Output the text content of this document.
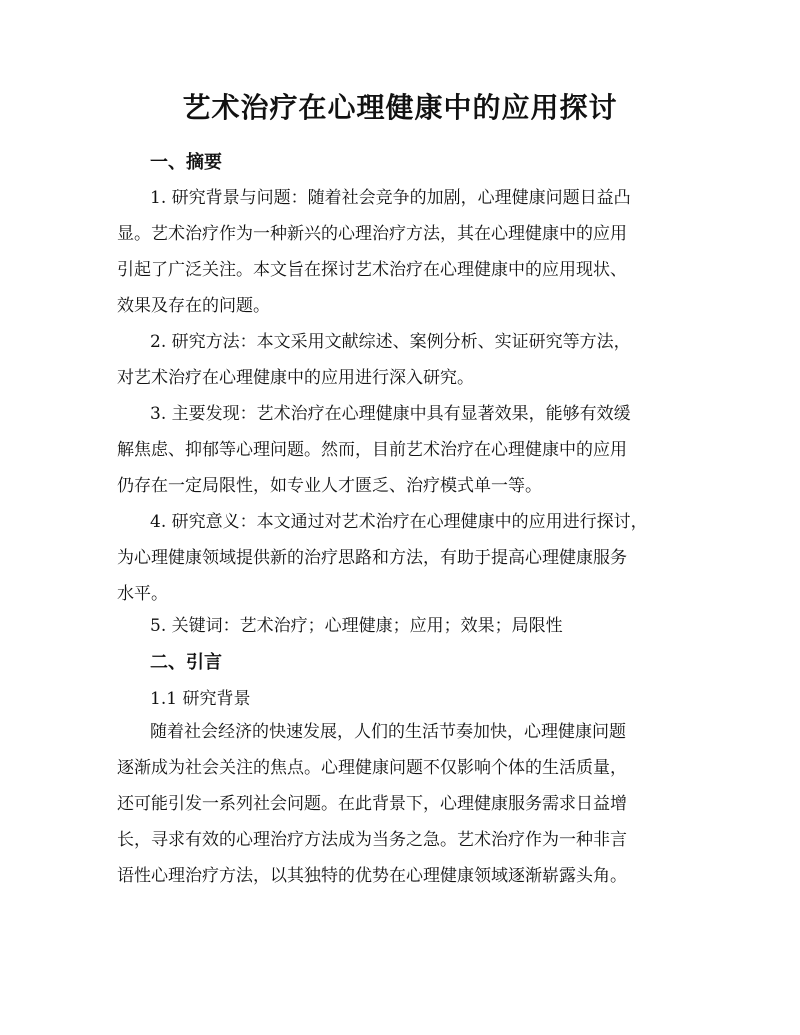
艺术治疗在心理健康中的应用探讨
一、摘要
1. 研究背景与问题：随着社会竞争的加剧，心理健康问题日益凸
显。艺术治疗作为一种新兴的心理治疗方法，其在心理健康中的应用
引起了广泛关注。本文旨在探讨艺术治疗在心理健康中的应用现状、
效果及存在的问题。
2. 研究方法：本文采用文献综述、案例分析、实证研究等方法，
对艺术治疗在心理健康中的应用进行深入研究。
3. 主要发现：艺术治疗在心理健康中具有显著效果，能够有效缓
解焦虑、抑郁等心理问题。然而，目前艺术治疗在心理健康中的应用
仍存在一定局限性，如专业人才匮乏、治疗模式单一等。
4. 研究意义：本文通过对艺术治疗在心理健康中的应用进行探讨，
为心理健康领域提供新的治疗思路和方法，有助于提高心理健康服务
水平。
5. 关键词：艺术治疗；心理健康；应用；效果；局限性
二、引言
1.1 研究背景
随着社会经济的快速发展，人们的生活节奏加快，心理健康问题
逐渐成为社会关注的焦点。心理健康问题不仅影响个体的生活质量，
还可能引发一系列社会问题。在此背景下，心理健康服务需求日益增
长，寻求有效的心理治疗方法成为当务之急。艺术治疗作为一种非言
语性心理治疗方法，以其独特的优势在心理健康领域逐渐崭露头角。
